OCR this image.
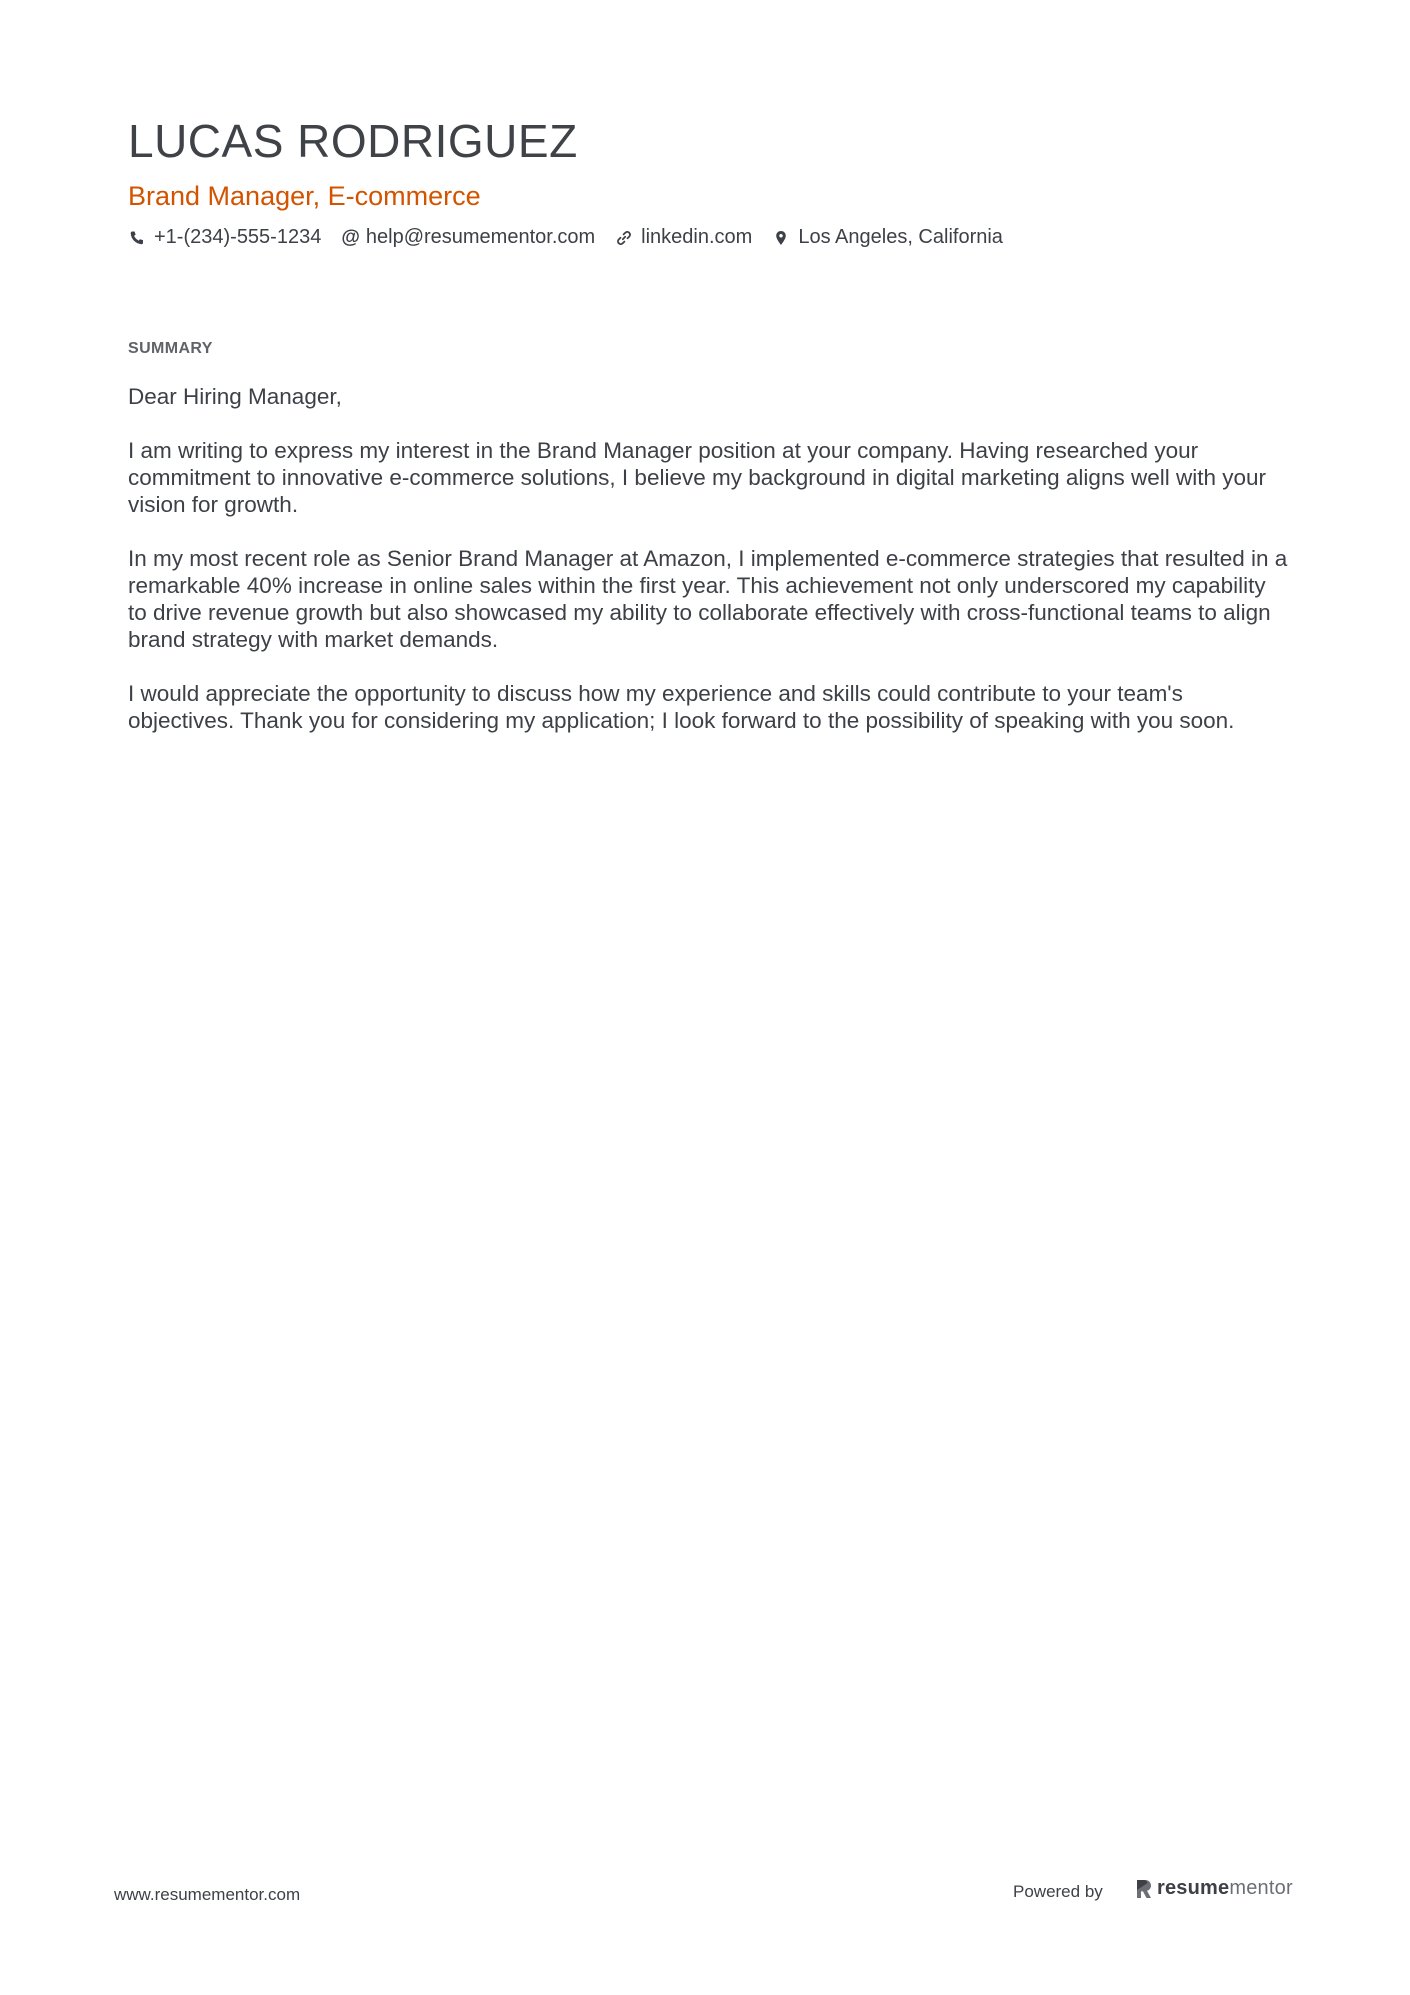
LUCAS RODRIGUEZ
Brand Manager, E-commerce
+1-(234)-555-1234 @ help@resumementor.com linkedin.com Los Angeles, California
SUMMARY

Dear Hiring Manager,

I am writing to express my interest in the Brand Manager position at your company. Having researched your commitment to innovative e-commerce solutions, I believe my background in digital marketing aligns well with your vision for growth.

In my most recent role as Senior Brand Manager at Amazon, I implemented e-commerce strategies that resulted in a remarkable 40% increase in online sales within the first year. This achievement not only underscored my capability to drive revenue growth but also showcased my ability to collaborate effectively with cross-functional teams to align brand strategy with market demands.

I would appreciate the opportunity to discuss how my experience and skills could contribute to your team's objectives. Thank you for considering my application; I look forward to the possibility of speaking with you soon.

www.resumementor.com	Powered by	resumementor
